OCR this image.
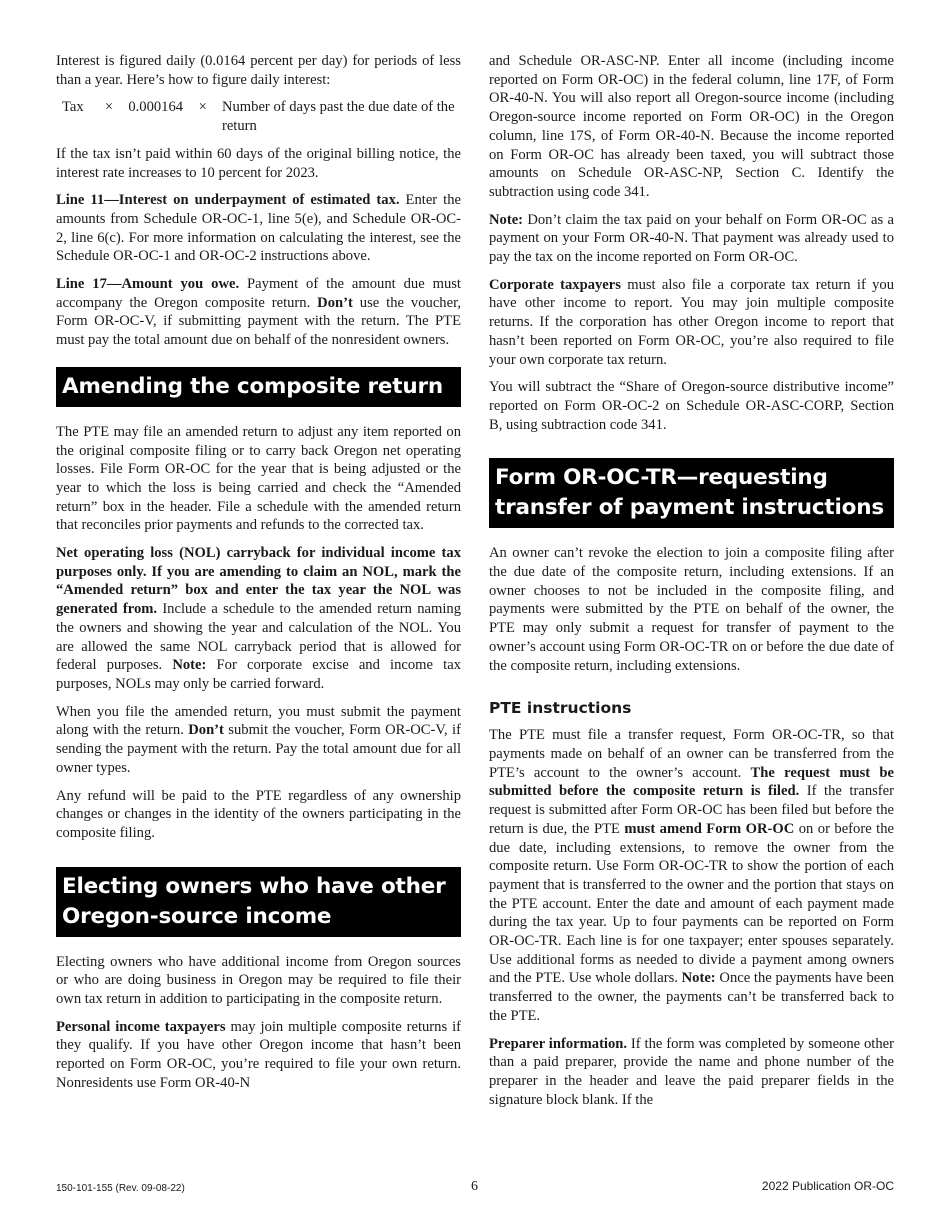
Interest is figured daily (0.0164 percent per day) for periods of less than a year. Here’s how to figure daily interest:

Tax	×	0.000164	×	Number of days past the due date of the return

If the tax isn’t paid within 60 days of the original billing notice, the interest rate increases to 10 percent for 2023.

Line 11—Interest on underpayment of estimated tax. Enter the amounts from Schedule OR-OC-1, line 5(e), and Schedule OR-OC-2, line 6(c). For more information on calculating the interest, see the Schedule OR-OC-1 and OR-OC-2 instructions above.

Line 17—Amount you owe. Payment of the amount due must accompany the Oregon composite return. Don’t use the voucher, Form OR-OC-V, if submitting payment with the return. The PTE must pay the total amount due on behalf of the nonresident owners.

Amending the composite return

The PTE may file an amended return to adjust any item reported on the original composite filing or to carry back Oregon net operating losses. File Form OR-OC for the year that is being adjusted or the year to which the loss is being carried and check the “Amended return” box in the header. File a schedule with the amended return that reconciles prior payments and refunds to the corrected tax.

Net operating loss (NOL) carryback for individual income tax purposes only. If you are amending to claim an NOL, mark the “Amended return” box and enter the tax year the NOL was generated from. Include a schedule to the amended return naming the owners and showing the year and calculation of the NOL. You are allowed the same NOL carryback period that is allowed for federal purposes. Note: For corporate excise and income tax purposes, NOLs may only be carried forward.

When you file the amended return, you must submit the payment along with the return. Don’t submit the voucher, Form OR-OC-V, if sending the payment with the return. Pay the total amount due for all owner types.

Any refund will be paid to the PTE regardless of any ownership changes or changes in the identity of the owners participating in the composite filing.

Electing owners who have other Oregon-source income

Electing owners who have additional income from Oregon sources or who are doing business in Oregon may be required to file their own tax return in addition to participating in the composite return.

Personal income taxpayers may join multiple composite returns if they qualify. If you have other Oregon income that hasn’t been reported on Form OR-OC, you’re required to file your own return. Nonresidents use Form OR-40-N

and Schedule OR-ASC-NP. Enter all income (including income reported on Form OR-OC) in the federal column, line 17F, of Form OR-40-N. You will also report all Oregon-source income (including Oregon-source income reported on Form OR-OC) in the Oregon column, line 17S, of Form OR-40-N. Because the income reported on Form OR-OC has already been taxed, you will subtract those amounts on Schedule OR-ASC-NP, Section C. Identify the subtraction using code 341.

Note: Don’t claim the tax paid on your behalf on Form OR-OC as a payment on your Form OR-40-N. That payment was already used to pay the tax on the income reported on Form OR-OC.

Corporate taxpayers must also file a corporate tax return if you have other income to report. You may join multiple composite returns. If the corporation has other Oregon income to report that hasn’t been reported on Form OR-OC, you’re also required to file your own corporate tax return.

You will subtract the “Share of Oregon-source distributive income” reported on Form OR-OC-2 on Schedule OR-ASC-CORP, Section B, using subtraction code 341.

Form OR-OC-TR—requesting transfer of payment instructions

An owner can’t revoke the election to join a composite filing after the due date of the composite return, including extensions. If an owner chooses to not be included in the composite filing, and payments were submitted by the PTE on behalf of the owner, the PTE may only submit a request for transfer of payment to the owner’s account using Form OR-OC-TR on or before the due date of the composite return, including extensions.

PTE instructions

The PTE must file a transfer request, Form OR-OC-TR, so that payments made on behalf of an owner can be transferred from the PTE’s account to the owner’s account. The request must be submitted before the composite return is filed. If the transfer request is submitted after Form OR-OC has been filed but before the return is due, the PTE must amend Form OR-OC on or before the due date, including extensions, to remove the owner from the composite return. Use Form OR-OC-TR to show the portion of each payment that is transferred to the owner and the portion that stays on the PTE account. Enter the date and amount of each payment made during the tax year. Up to four payments can be reported on Form OR-OC-TR. Each line is for one taxpayer; enter spouses separately. Use additional forms as needed to divide a payment among owners and the PTE. Use whole dollars. Note: Once the payments have been transferred to the owner, the payments can’t be transferred back to the PTE.

Preparer information. If the form was completed by someone other than a paid preparer, provide the name and phone number of the preparer in the header and leave the paid preparer fields in the signature block blank. If the

150-101-155 (Rev. 09-08-22)	6	2022 Publication OR-OC
